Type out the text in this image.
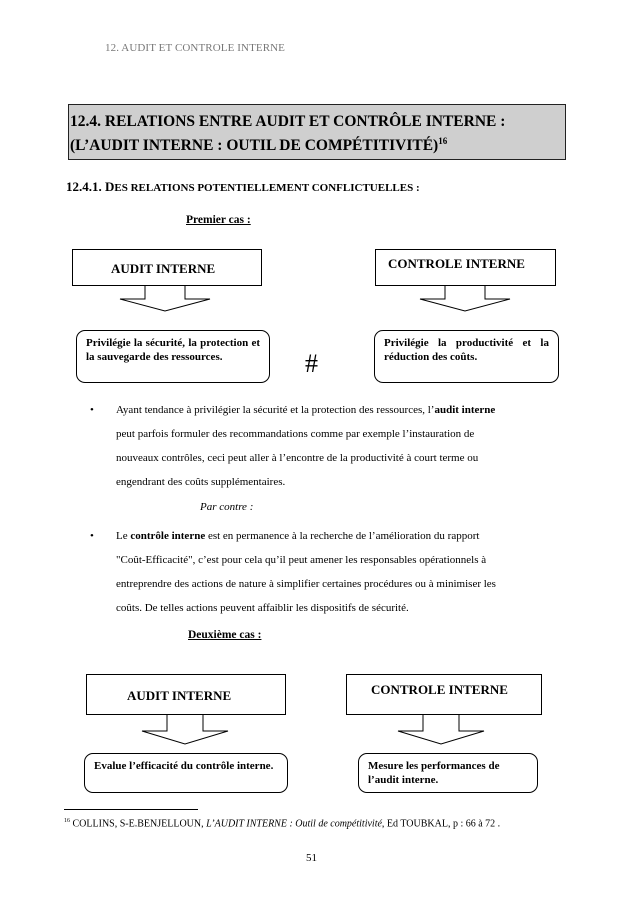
12. AUDIT ET CONTROLE INTERNE
12.4. RELATIONS ENTRE AUDIT ET CONTRÔLE INTERNE :
(L’AUDIT INTERNE : OUTIL DE COMPÉTITIVITÉ)$^{16}$
12.4.1. DES RELATIONS POTENTIELLEMENT CONFLICTUELLES :
Premier cas :
AUDIT INTERNE	CONTROLE INTERNE
Privilégie la sécurité, la protection et la sauvegarde des ressources.	#
Privilégie la productivité et la réduction des coûts.
• Ayant tendance à privilégier la sécurité et la protection des ressources, l’audit interne
peut parfois formuler des recommandations comme par exemple l’instauration de
nouveaux contrôles, ceci peut aller à l’encontre de la productivité à court terme ou
engendrant des coûts supplémentaires.
Par contre :
• Le contrôle interne est en permanence à la recherche de l’amélioration du rapport
"Coût-Efficacité", c’est pour cela qu’il peut amener les responsables opérationnels à
entreprendre des actions de nature à simplifier certaines procédures ou à minimiser les
coûts. De telles actions peuvent affaiblir les dispositifs de sécurité.
Deuxième cas :
AUDIT INTERNE	CONTROLE INTERNE
Evalue l’efficacité du contrôle interne.	Mesure les performances de l’audit interne.
$^{16}$ COLLINS, S-E.BENJELLOUN, L’AUDIT INTERNE : Outil de compétitivité, Ed TOUBKAL, p : 66 à 72 .
51
